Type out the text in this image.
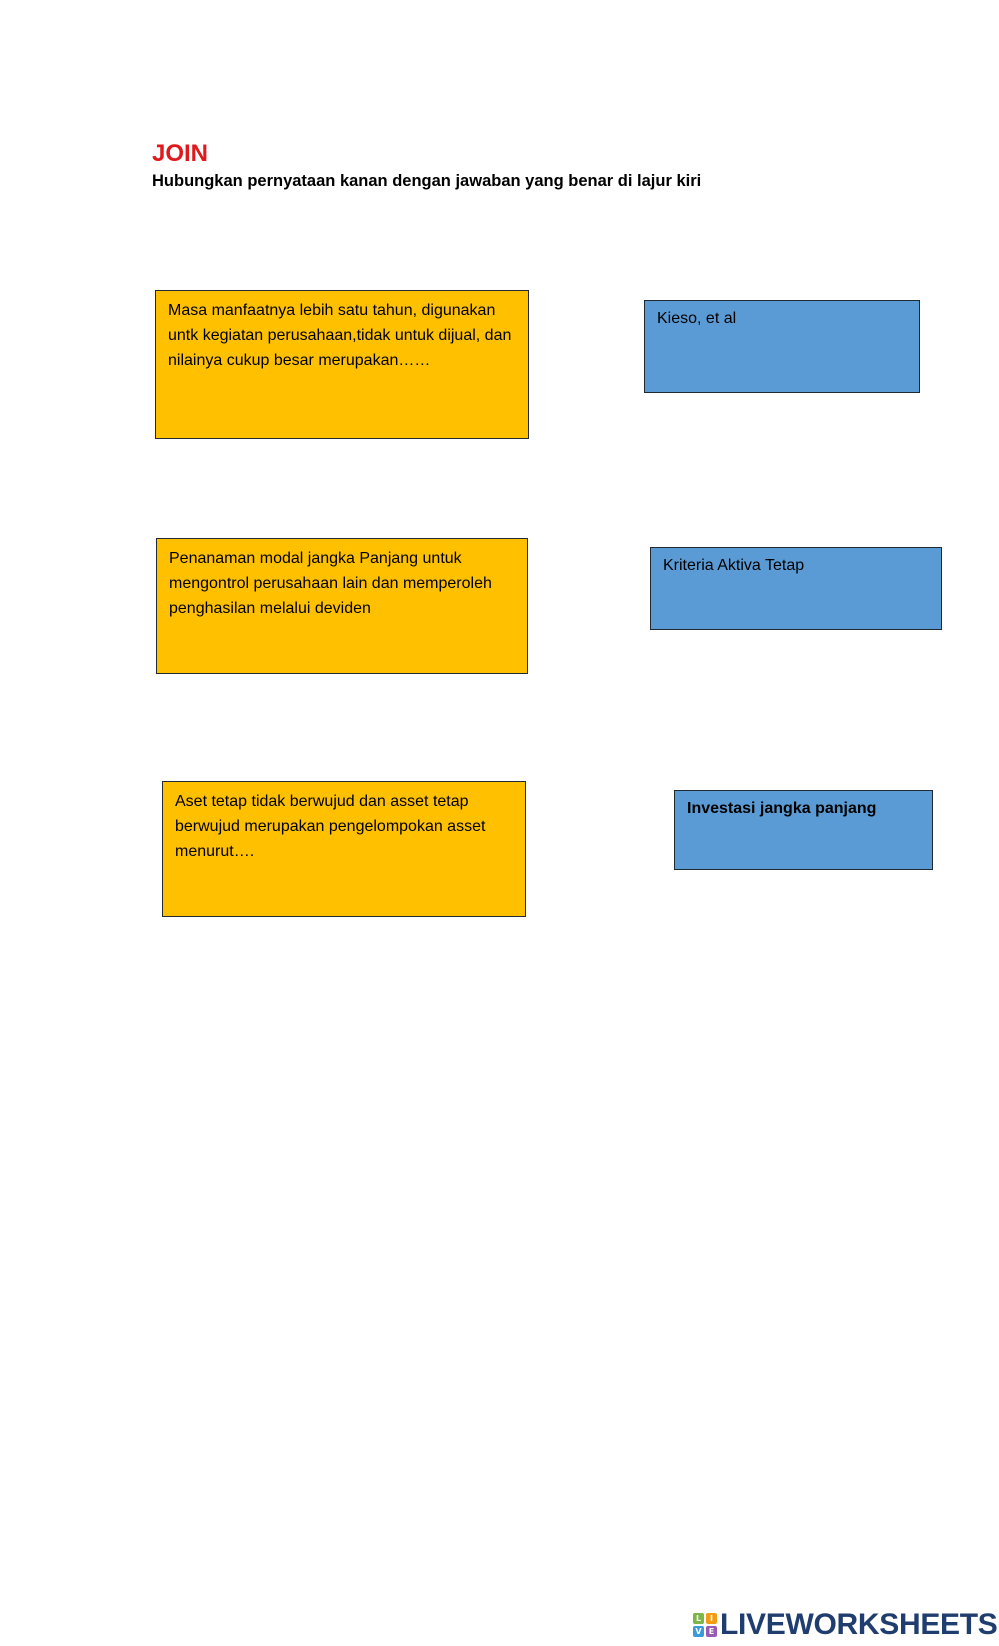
JOIN

Hubungkan pernyataan kanan dengan jawaban yang benar di lajur kiri

Masa manfaatnya lebih satu tahun, digunakan untk kegiatan perusahaan,tidak untuk dijual, dan nilainya cukup besar merupakan……
Penanaman modal jangka Panjang untuk mengontrol perusahaan lain dan memperoleh penghasilan melalui deviden
Aset tetap tidak berwujud dan asset tetap berwujud merupakan pengelompokan asset menurut….
Kieso, et al
Kriteria Aktiva Tetap
Investasi jangka panjang
L	I
V E LIVEWORKSHEETS
